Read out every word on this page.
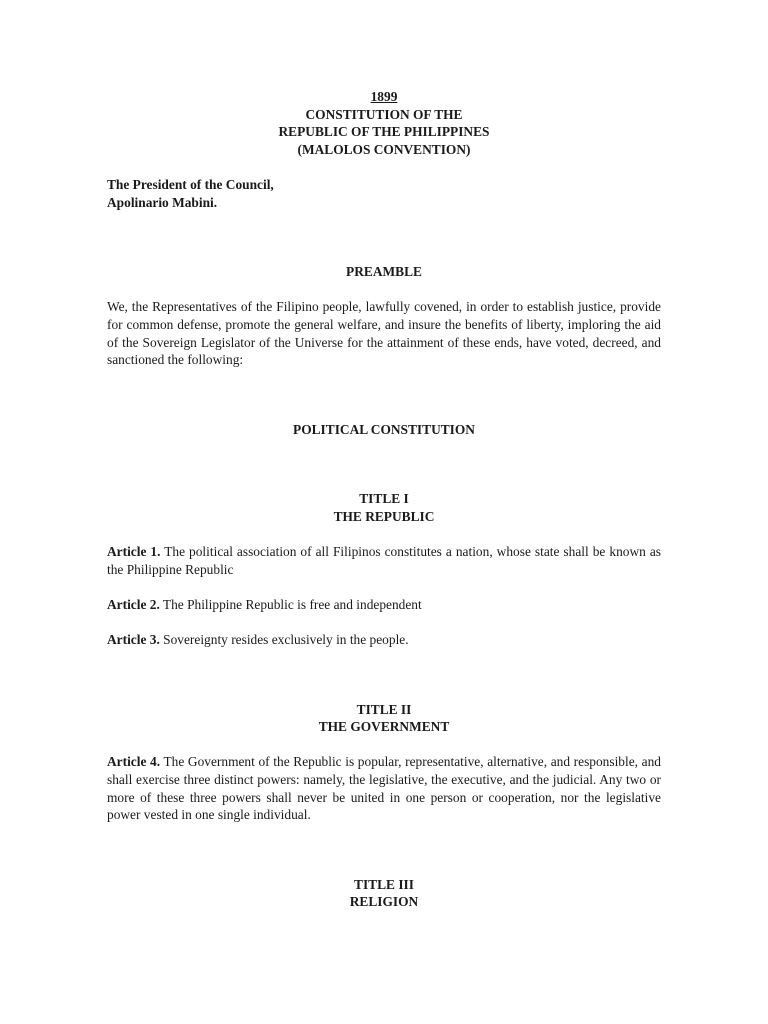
1899
CONSTITUTION OF THE
REPUBLIC OF THE PHILIPPINES
(MALOLOS CONVENTION)
The President of the Council,
Apolinario Mabini.
PREAMBLE

We, the Representatives of the Filipino people, lawfully covened, in order to establish justice, provide for common defense, promote the general welfare, and insure the benefits of liberty, imploring the aid of the Sovereign Legislator of the Universe for the attainment of these ends, have voted, decreed, and sanctioned the following:

POLITICAL CONSTITUTION
TITLE I
THE REPUBLIC

Article 1. The political association of all Filipinos constitutes a nation, whose state shall be known as the Philippine Republic

Article 2. The Philippine Republic is free and independent

Article 3. Sovereignty resides exclusively in the people.

TITLE II
THE GOVERNMENT

Article 4. The Government of the Republic is popular, representative, alternative, and responsible, and shall exercise three distinct powers: namely, the legislative, the executive, and the judicial. Any two or more of these three powers shall never be united in one person or cooperation, nor the legislative power vested in one single individual.

TITLE III
RELIGION
